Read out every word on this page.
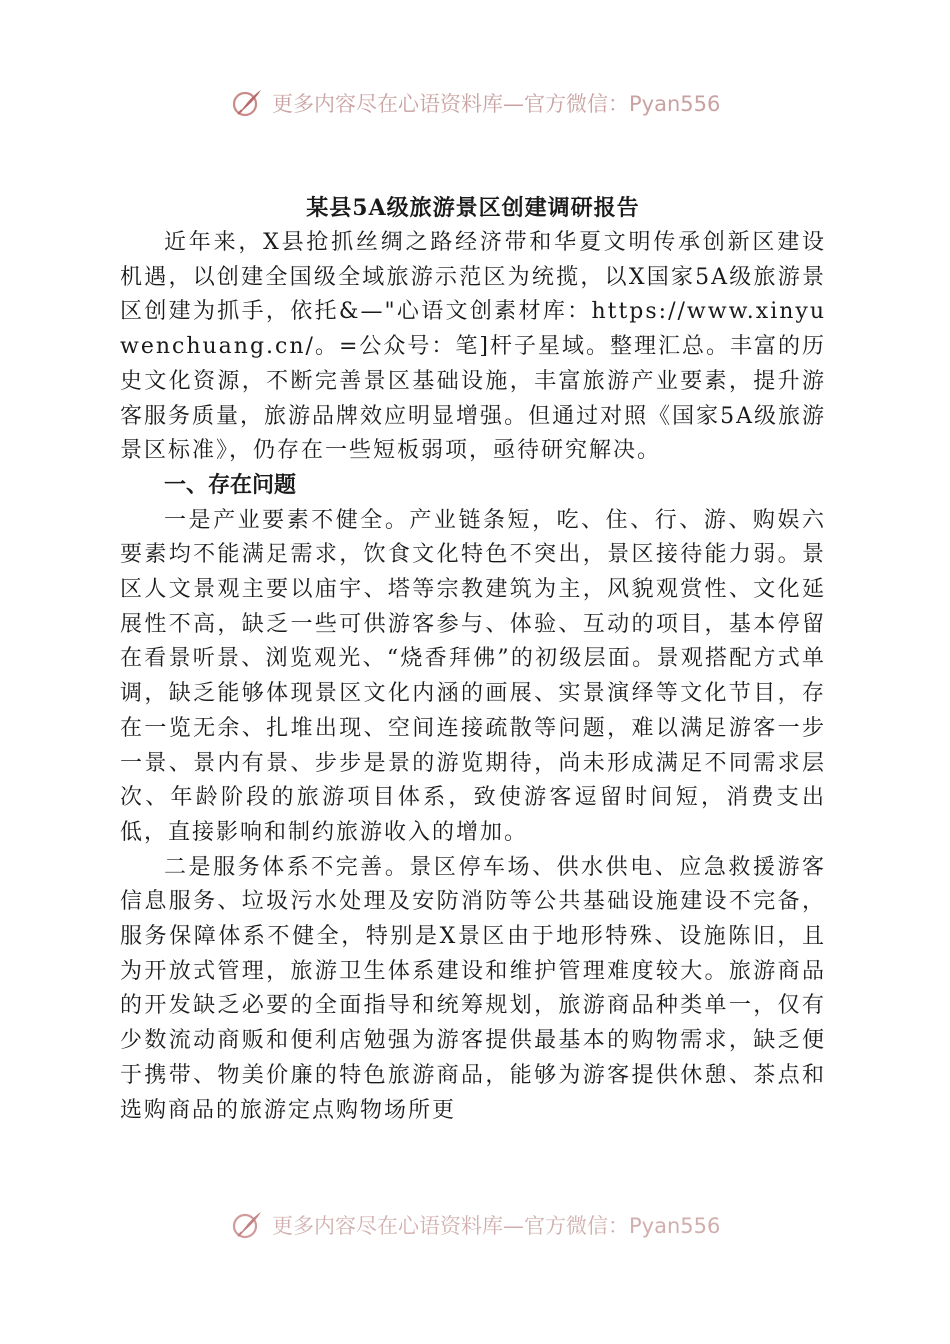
更多内容尽在心语资料库—官方微信：Pyan556
某县5A级旅游景区创建调研报告

近年来，X县抢抓丝绸之路经济带和华夏文明传承创新区建设机遇，以创建全国级全域旅游示范区为统揽，以X国家5A级旅游景区创建为抓手，依托&—"心语文创素材库：https://www.xinyuwenchuang.cn/。=公众号：笔]杆子星域。整理汇总。丰富的历史文化资源，不断完善景区基础设施，丰富旅游产业要素，提升游客服务质量，旅游品牌效应明显增强。但通过对照《国家5A级旅游景区标准》，仍存在一些短板弱项，亟待研究解决。

一、存在问题

一是产业要素不健全。产业链条短，吃、住、行、游、购娱六要素均不能满足需求，饮食文化特色不突出，景区接待能力弱。景区人文景观主要以庙宇、塔等宗教建筑为主，风貌观赏性、文化延展性不高，缺乏一些可供游客参与、体验、互动的项目，基本停留在看景听景、浏览观光、“烧香拜佛”的初级层面。景观搭配方式单调，缺乏能够体现景区文化内涵的画展、实景演绎等文化节目，存在一览无余、扎堆出现、空间连接疏散等问题，难以满足游客一步一景、景内有景、步步是景的游览期待，尚未形成满足不同需求层次、年龄阶段的旅游项目体系，致使游客逗留时间短，消费支出低，直接影响和制约旅游收入的增加。

二是服务体系不完善。景区停车场、供水供电、应急救援游客信息服务、垃圾污水处理及安防消防等公共基础设施建设不完备，服务保障体系不健全，特别是X景区由于地形特殊、设施陈旧，且为开放式管理，旅游卫生体系建设和维护管理难度较大。旅游商品的开发缺乏必要的全面指导和统筹规划，旅游商品种类单一，仅有少数流动商贩和便利店勉强为游客提供最基本的购物需求，缺乏便于携带、物美价廉的特色旅游商品，能够为游客提供休憩、茶点和选购商品的旅游定点购物场所更

更多内容尽在心语资料库—官方微信：Pyan556
